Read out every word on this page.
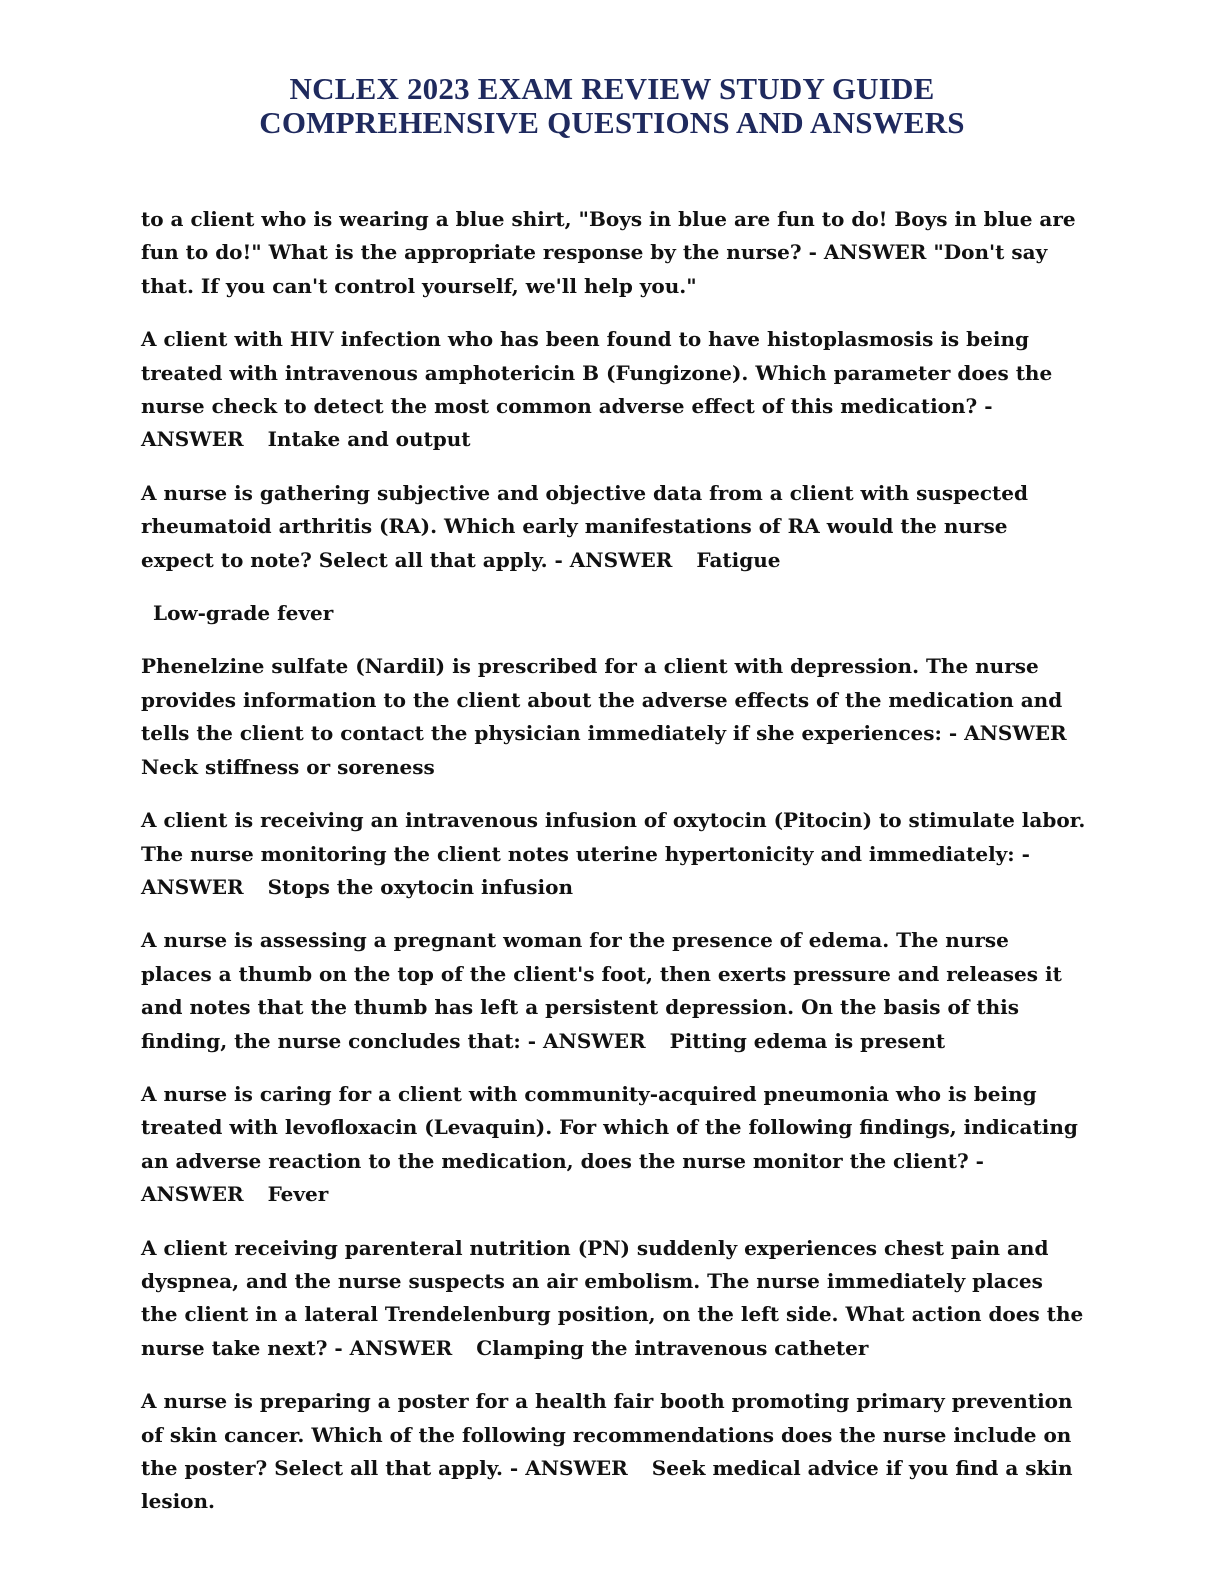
NCLEX 2023 EXAM REVIEW STUDY GUIDE
COMPREHENSIVE QUESTIONS AND ANSWERS

to a client who is wearing a blue shirt, "Boys in blue are fun to do! Boys in blue are fun to do!" What is the appropriate response by the nurse? - ANSWER "Don't say that. If you can't control yourself, we'll help you."

A client with HIV infection who has been found to have histoplasmosis is being treated with intravenous amphotericin B (Fungizone). Which parameter does the nurse check to detect the most common adverse effect of this medication? - ANSWER Intake and output

A nurse is gathering subjective and objective data from a client with suspected rheumatoid arthritis (RA). Which early manifestations of RA would the nurse expect to note? Select all that apply. - ANSWER Fatigue

Low-grade fever

Phenelzine sulfate (Nardil) is prescribed for a client with depression. The nurse provides information to the client about the adverse effects of the medication and tells the client to contact the physician immediately if she experiences: - ANSWER Neck stiffness or soreness

A client is receiving an intravenous infusion of oxytocin (Pitocin) to stimulate labor. The nurse monitoring the client notes uterine hypertonicity and immediately: - ANSWER Stops the oxytocin infusion

A nurse is assessing a pregnant woman for the presence of edema. The nurse places a thumb on the top of the client's foot, then exerts pressure and releases it and notes that the thumb has left a persistent depression. On the basis of this finding, the nurse concludes that: - ANSWER Pitting edema is present

A nurse is caring for a client with community-acquired pneumonia who is being treated with levofloxacin (Levaquin). For which of the following findings, indicating an adverse reaction to the medication, does the nurse monitor the client? - ANSWER Fever

A client receiving parenteral nutrition (PN) suddenly experiences chest pain and dyspnea, and the nurse suspects an air embolism. The nurse immediately places the client in a lateral Trendelenburg position, on the left side. What action does the nurse take next? - ANSWER Clamping the intravenous catheter

A nurse is preparing a poster for a health fair booth promoting primary prevention of skin cancer. Which of the following recommendations does the nurse include on the poster? Select all that apply. - ANSWER Seek medical advice if you find a skin lesion.
